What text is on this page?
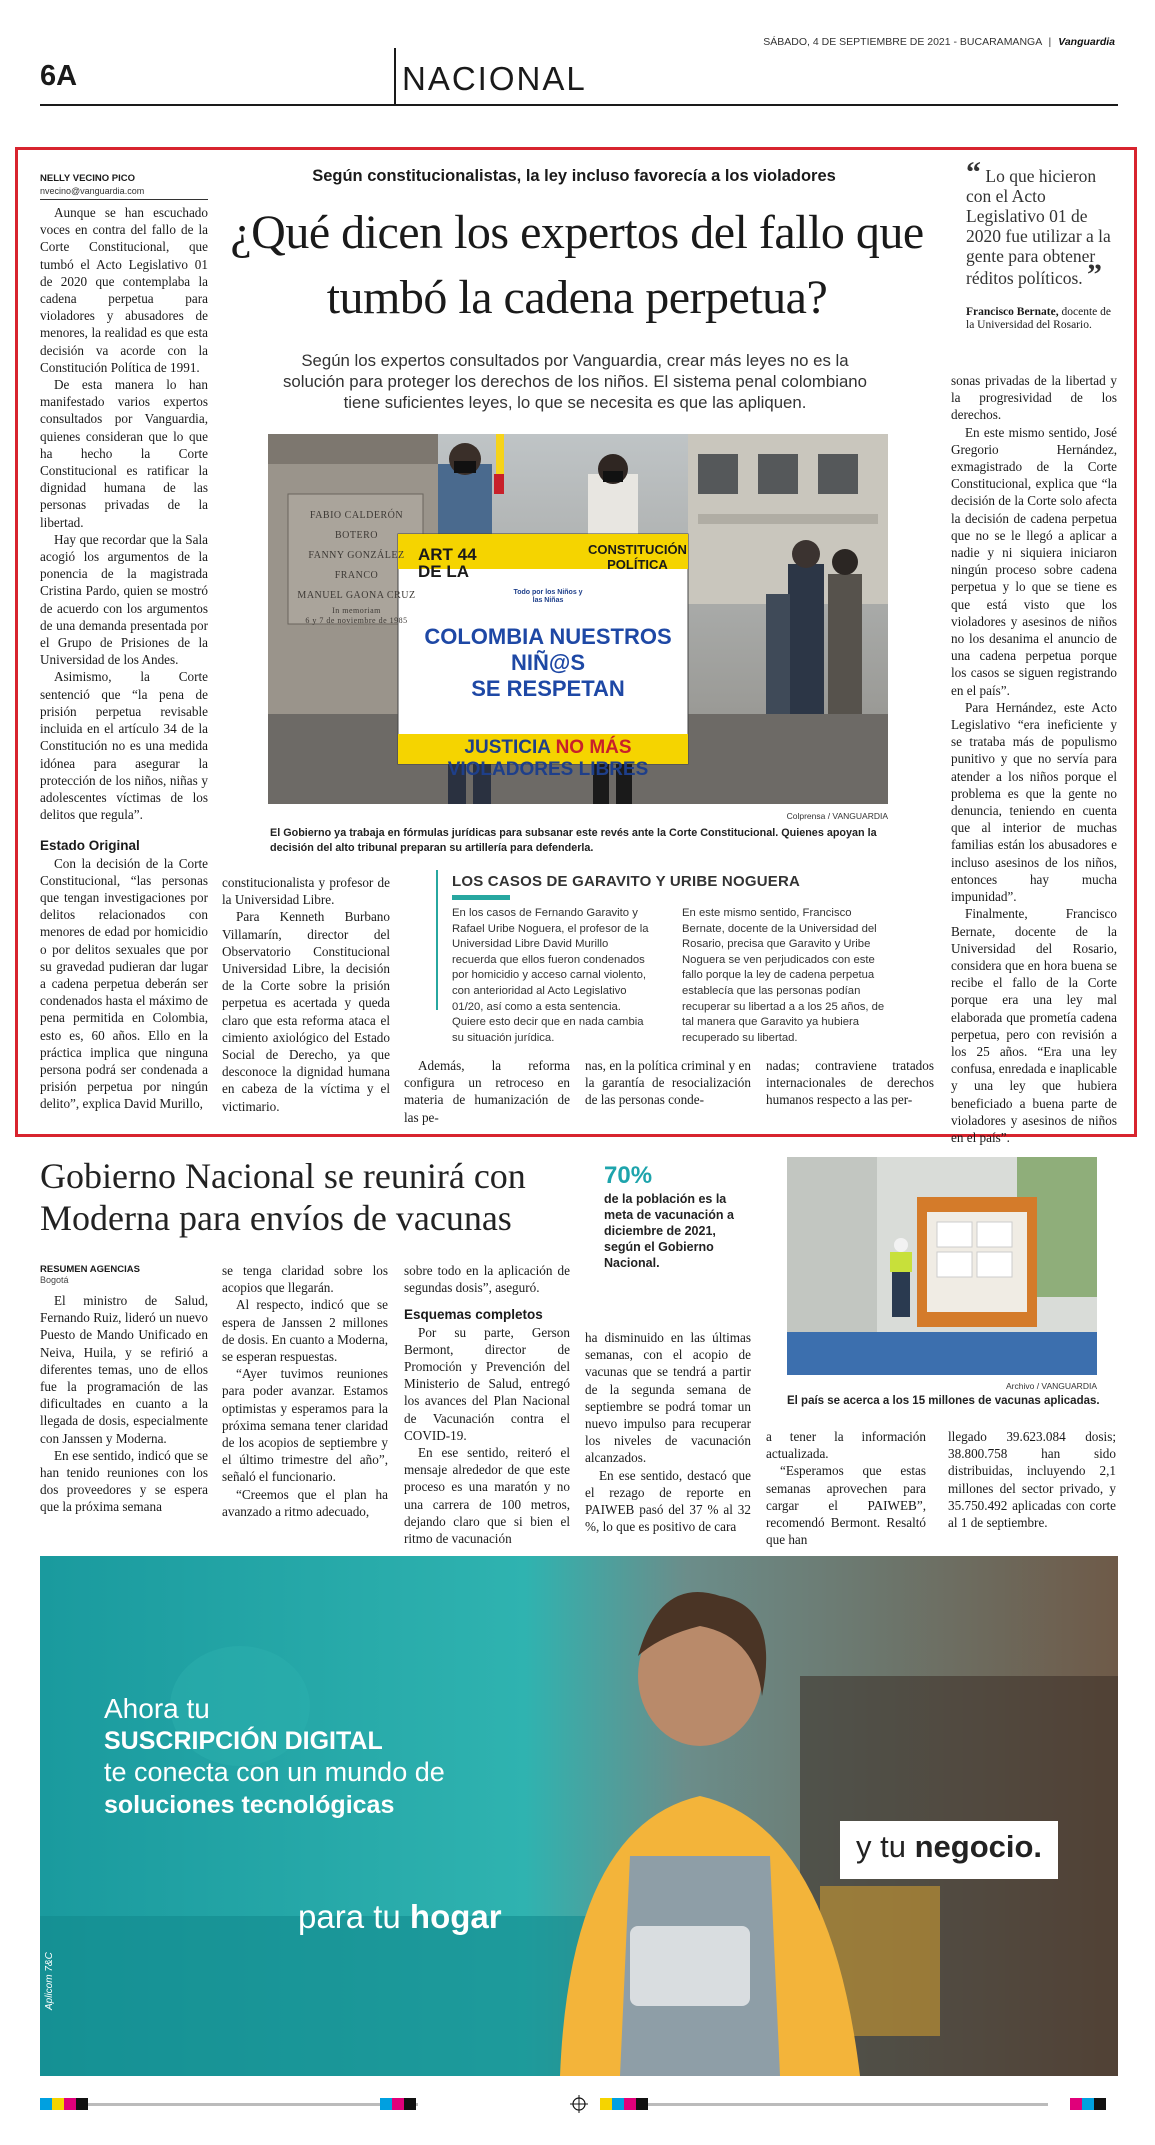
6A	NACIONAL
SÁBADO, 4 DE SEPTIEMBRE DE 2021 - BUCARAMANGA | Vanguardia
NELLY VECINO PICO
nvecino@vanguardia.com

Aunque se han escuchado voces en contra del fallo de la Corte Constitucional, que tumbó el Acto Legislativo 01 de 2020 que contemplaba la cadena perpetua para violadores y abusadores de menores, la realidad es que esta decisión va acorde con la Constitución Política de 1991.

De esta manera lo han manifestado varios expertos consultados por Vanguardia, quienes consideran que lo que ha hecho la Corte Constitucional es ratificar la dignidad humana de las personas privadas de la libertad.

Hay que recordar que la Sala acogió los argumentos de la ponencia de la magistrada Cristina Pardo, quien se mostró de acuerdo con los argumentos de una demanda presentada por el Grupo de Prisiones de la Universidad de los Andes.

Asimismo, la Corte sentenció que “la pena de prisión perpetua revisable incluida en el artículo 34 de la Constitución no es una medida idónea para asegurar la protección de los niños, niñas y adolescentes víctimas de los delitos que regula”.

Estado Original

Con la decisión de la Corte Constitucional, “las personas que tengan investigaciones por delitos relacionados con menores de edad por homicidio o por delitos sexuales que por su gravedad pudieran dar lugar a cadena perpetua deberán ser condenados hasta el máximo de pena permitida en Colombia, esto es, 60 años. Ello en la práctica implica que ninguna persona podrá ser condenada a prisión perpetua por ningún delito”, explica David Murillo,

Según constitucionalistas, la ley incluso favorecía a los violadores
¿Qué dicen los expertos del fallo que tumbó la cadena perpetua?
Según los expertos consultados por Vanguardia, crear más leyes no es la solución para proteger los derechos de los niños. El sistema penal colombiano tiene suficientes leyes, lo que se necesita es que las apliquen.
FABIO CALDERÓN BOTERO
FANNY GONZÁLEZ FRANCO
MANUEL GAONA CRUZ
In memoriam
6 y 7 de noviembre de 1985
ART 44
DE LA
CONSTITUCIÓN
POLÍTICA
Todo por los Niños y las Niñas
COLOMBIA NUESTROS NIÑ@S
SE RESPETAN
JUSTICIA NO MÁS VIOLADORES LIBRES
Colprensa / VANGUARDIA
El Gobierno ya trabaja en fórmulas jurídicas para subsanar este revés ante la Corte Constitucional. Quienes apoyan la decisión del alto tribunal preparan su artillería para defenderla.

constitucionalista y profesor de la Universidad Libre.

Para Kenneth Burbano Villamarín, director del Observatorio Constitucional Universidad Libre, la decisión de la Corte sobre la prisión perpetua es acertada y queda claro que esta reforma ataca el cimiento axiológico del Estado Social de Derecho, ya que desconoce la dignidad humana en cabeza de la víctima y el victimario.

LOS CASOS DE GARAVITO Y URIBE NOGUERA
En los casos de Fernando Garavito y Rafael Uribe Noguera, el profesor de la Universidad Libre David Murillo recuerda que ellos fueron condenados por homicidio y acceso carnal violento, con anterioridad al Acto Legislativo 01/20, así como a esta sentencia. Quiere esto decir que en nada cambia su situación jurídica.
En este mismo sentido, Francisco Bernate, docente de la Universidad del Rosario, precisa que Garavito y Uribe Noguera se ven perjudicados con este fallo porque la ley de cadena perpetua establecía que las personas podían recuperar su libertad a a los 25 años, de tal manera que Garavito ya hubiera recuperado su libertad.

Además, la reforma configura un retroceso en materia de humanización de las pe-

nas, en la política criminal y en la garantía de resocialización de las personas conde-

nadas; contraviene tratados internacionales de derechos humanos respecto a las per-

“ Lo que hicieron con el Acto Legislativo 01 de 2020 fue utilizar a la gente para obtener réditos políticos. ”
Francisco Bernate, docente de la Universidad del Rosario.

sonas privadas de la libertad y la progresividad de los derechos.

En este mismo sentido, José Gregorio Hernández, exmagistrado de la Corte Constitucional, explica que “la decisión de la Corte solo afecta la decisión de cadena perpetua que no se le llegó a aplicar a nadie y ni siquiera iniciaron ningún proceso sobre cadena perpetua y lo que se tiene es que está visto que los violadores y asesinos de niños no los desanima el anuncio de una cadena perpetua porque los casos se siguen registrando en el país”.

Para Hernández, este Acto Legislativo “era ineficiente y se trataba más de populismo punitivo y que no servía para atender a los niños porque el problema es que la gente no denuncia, teniendo en cuenta que al interior de muchas familias están los abusadores e incluso asesinos de los niños, entonces hay mucha impunidad”.

Finalmente, Francisco Bernate, docente de la Universidad del Rosario, considera que en hora buena se recibe el fallo de la Corte porque era una ley mal elaborada que prometía cadena perpetua, pero con revisión a los 25 años. “Era una ley confusa, enredada e inaplicable y una ley que hubiera beneficiado a buena parte de violadores y asesinos de niños en el país”.

Gobierno Nacional se reunirá con Moderna para envíos de vacunas
70%
de la población es la meta de vacunación a diciembre de 2021, según el Gobierno Nacional.
RESUMEN AGENCIAS
Bogotá

El ministro de Salud, Fernando Ruiz, lideró un nuevo Puesto de Mando Unificado en Neiva, Huila, y se refirió a diferentes temas, uno de ellos fue la programación de las dificultades en cuanto a la llegada de dosis, especialmente con Janssen y Moderna.

En ese sentido, indicó que se han tenido reuniones con los dos proveedores y se espera que la próxima semana

se tenga claridad sobre los acopios que llegarán.

Al respecto, indicó que se espera de Janssen 2 millones de dosis. En cuanto a Moderna, se esperan respuestas.

“Ayer tuvimos reuniones para poder avanzar. Estamos optimistas y esperamos para la próxima semana tener claridad de los acopios de septiembre y el último trimestre del año”, señaló el funcionario.

“Creemos que el plan ha avanzado a ritmo adecuado,

sobre todo en la aplicación de segundas dosis”, aseguró.

Esquemas completos

Por su parte, Gerson Bermont, director de Promoción y Prevención del Ministerio de Salud, entregó los avances del Plan Nacional de Vacunación contra el COVID-19.

En ese sentido, reiteró el mensaje alrededor de que este proceso es una maratón y no una carrera de 100 metros, dejando claro que si bien el ritmo de vacunación

ha disminuido en las últimas semanas, con el acopio de vacunas que se tendrá a partir de la segunda semana de septiembre se podrá tomar un nuevo impulso para recuperar los niveles de vacunación alcanzados.

En ese sentido, destacó que el rezago de reporte en PAIWEB pasó del 37 % al 32 %, lo que es positivo de cara

a tener la información actualizada.

“Esperamos que estas semanas aprovechen para cargar el PAIWEB”, recomendó Bermont. Resaltó que han

llegado 39.623.084 dosis; 38.800.758 han sido distribuidas, incluyendo 2,1 millones del sector privado, y 35.750.492 aplicadas con corte al 1 de septiembre.

Archivo / VANGUARDIA
El país se acerca a los 15 millones de vacunas aplicadas.
Ahora tu
SUSCRIPCIÓN DIGITAL
te conecta con un mundo de
soluciones tecnológicas
para tu hogar
y tu negocio.
Aplicom 7&C
